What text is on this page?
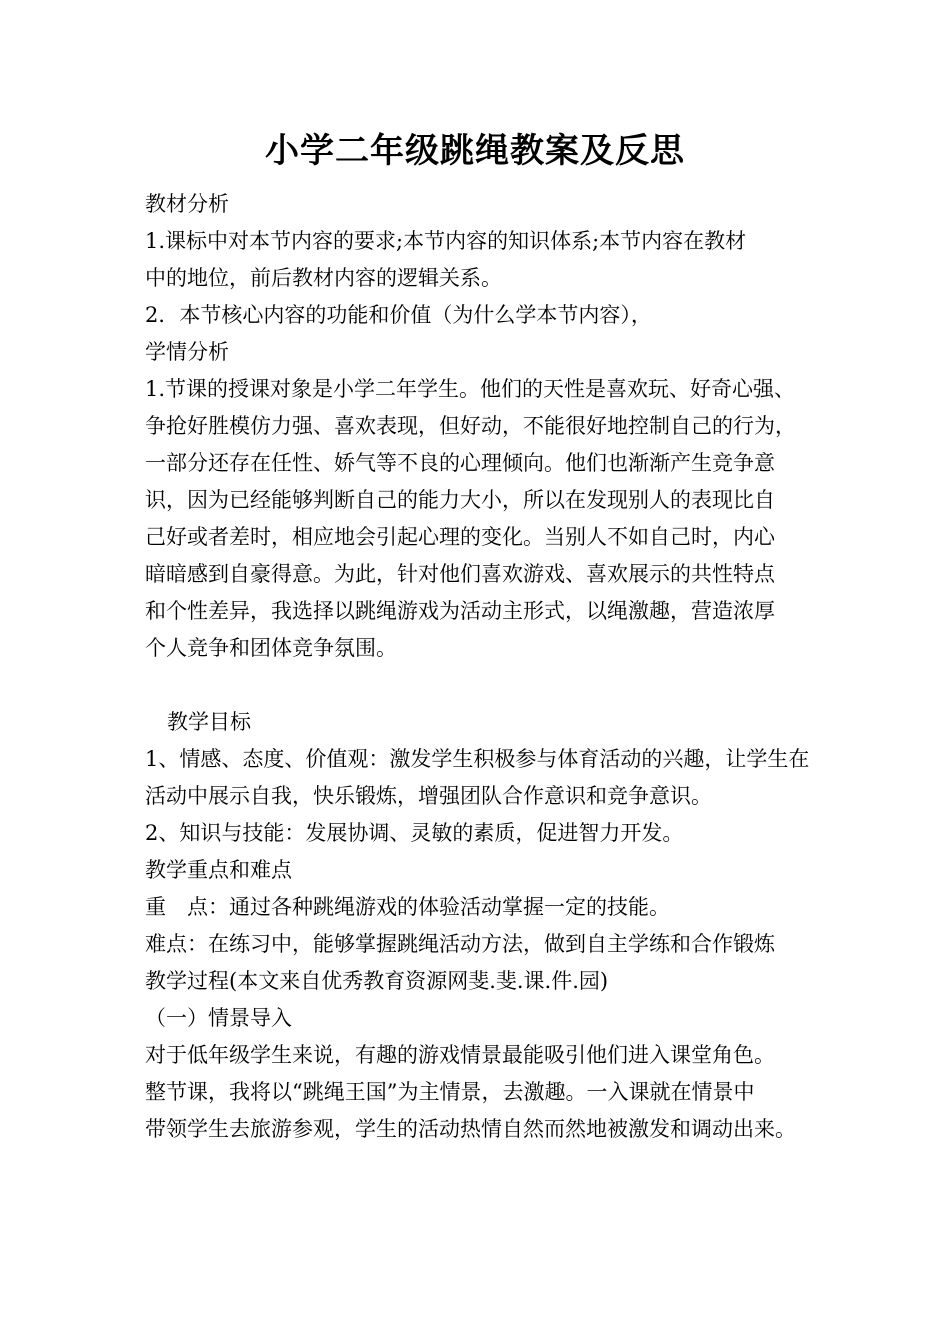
小学二年级跳绳教案及反思
教材分析
1.课标中对本节内容的要求;本节内容的知识体系;本节内容在教材
中的地位，前后教材内容的逻辑关系。
2．本节核心内容的功能和价值（为什么学本节内容），
学情分析
1.节课的授课对象是小学二年学生。他们的天性是喜欢玩、好奇心强、
争抢好胜模仿力强、喜欢表现，但好动，不能很好地控制自己的行为，
一部分还存在任性、娇气等不良的心理倾向。他们也渐渐产生竞争意
识，因为已经能够判断自己的能力大小，所以在发现别人的表现比自
己好或者差时，相应地会引起心理的变化。当别人不如自己时，内心
暗暗感到自豪得意。为此，针对他们喜欢游戏、喜欢展示的共性特点
和个性差异，我选择以跳绳游戏为活动主形式，以绳激趣，营造浓厚
个人竞争和团体竞争氛围。
教学目标
1、情感、态度、价值观：激发学生积极参与体育活动的兴趣，让学生在
活动中展示自我，快乐锻炼，增强团队合作意识和竞争意识。
2、知识与技能：发展协调、灵敏的素质，促进智力开发。
教学重点和难点
重　点：通过各种跳绳游戏的体验活动掌握一定的技能。
难点：在练习中，能够掌握跳绳活动方法，做到自主学练和合作锻炼
教学过程(本文来自优秀教育资源网斐.斐.课.件.园)
（一）情景导入
对于低年级学生来说，有趣的游戏情景最能吸引他们进入课堂角色。
整节课，我将以“跳绳王国”为主情景，去激趣。一入课就在情景中
带领学生去旅游参观，学生的活动热情自然而然地被激发和调动出来。
